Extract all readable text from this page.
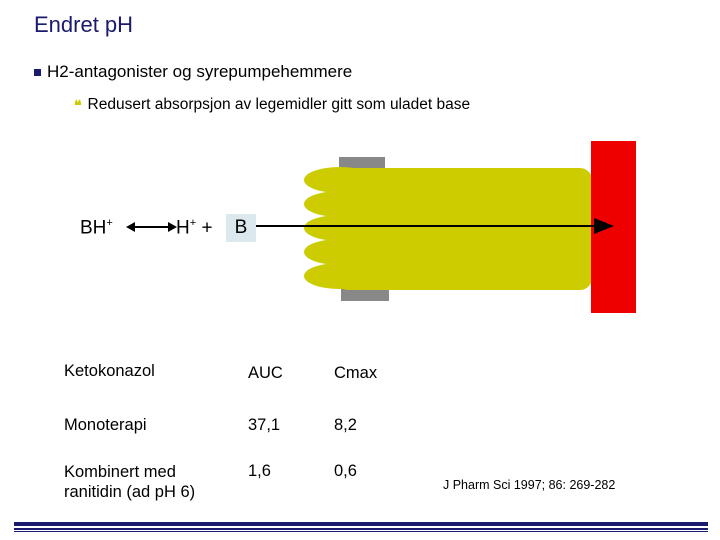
Endret pH
H2-antagonister og syrepumpehemmere
❝ Redusert absorpsjon av legemidler gitt som uladet base
BH+	H+ +	B
Ketokonazol	AUC	Cmax
Monoterapi	37,1	8,2
Kombinert med
ranitidin (ad pH 6)	1,6	0,6
J Pharm Sci 1997; 86: 269-282
